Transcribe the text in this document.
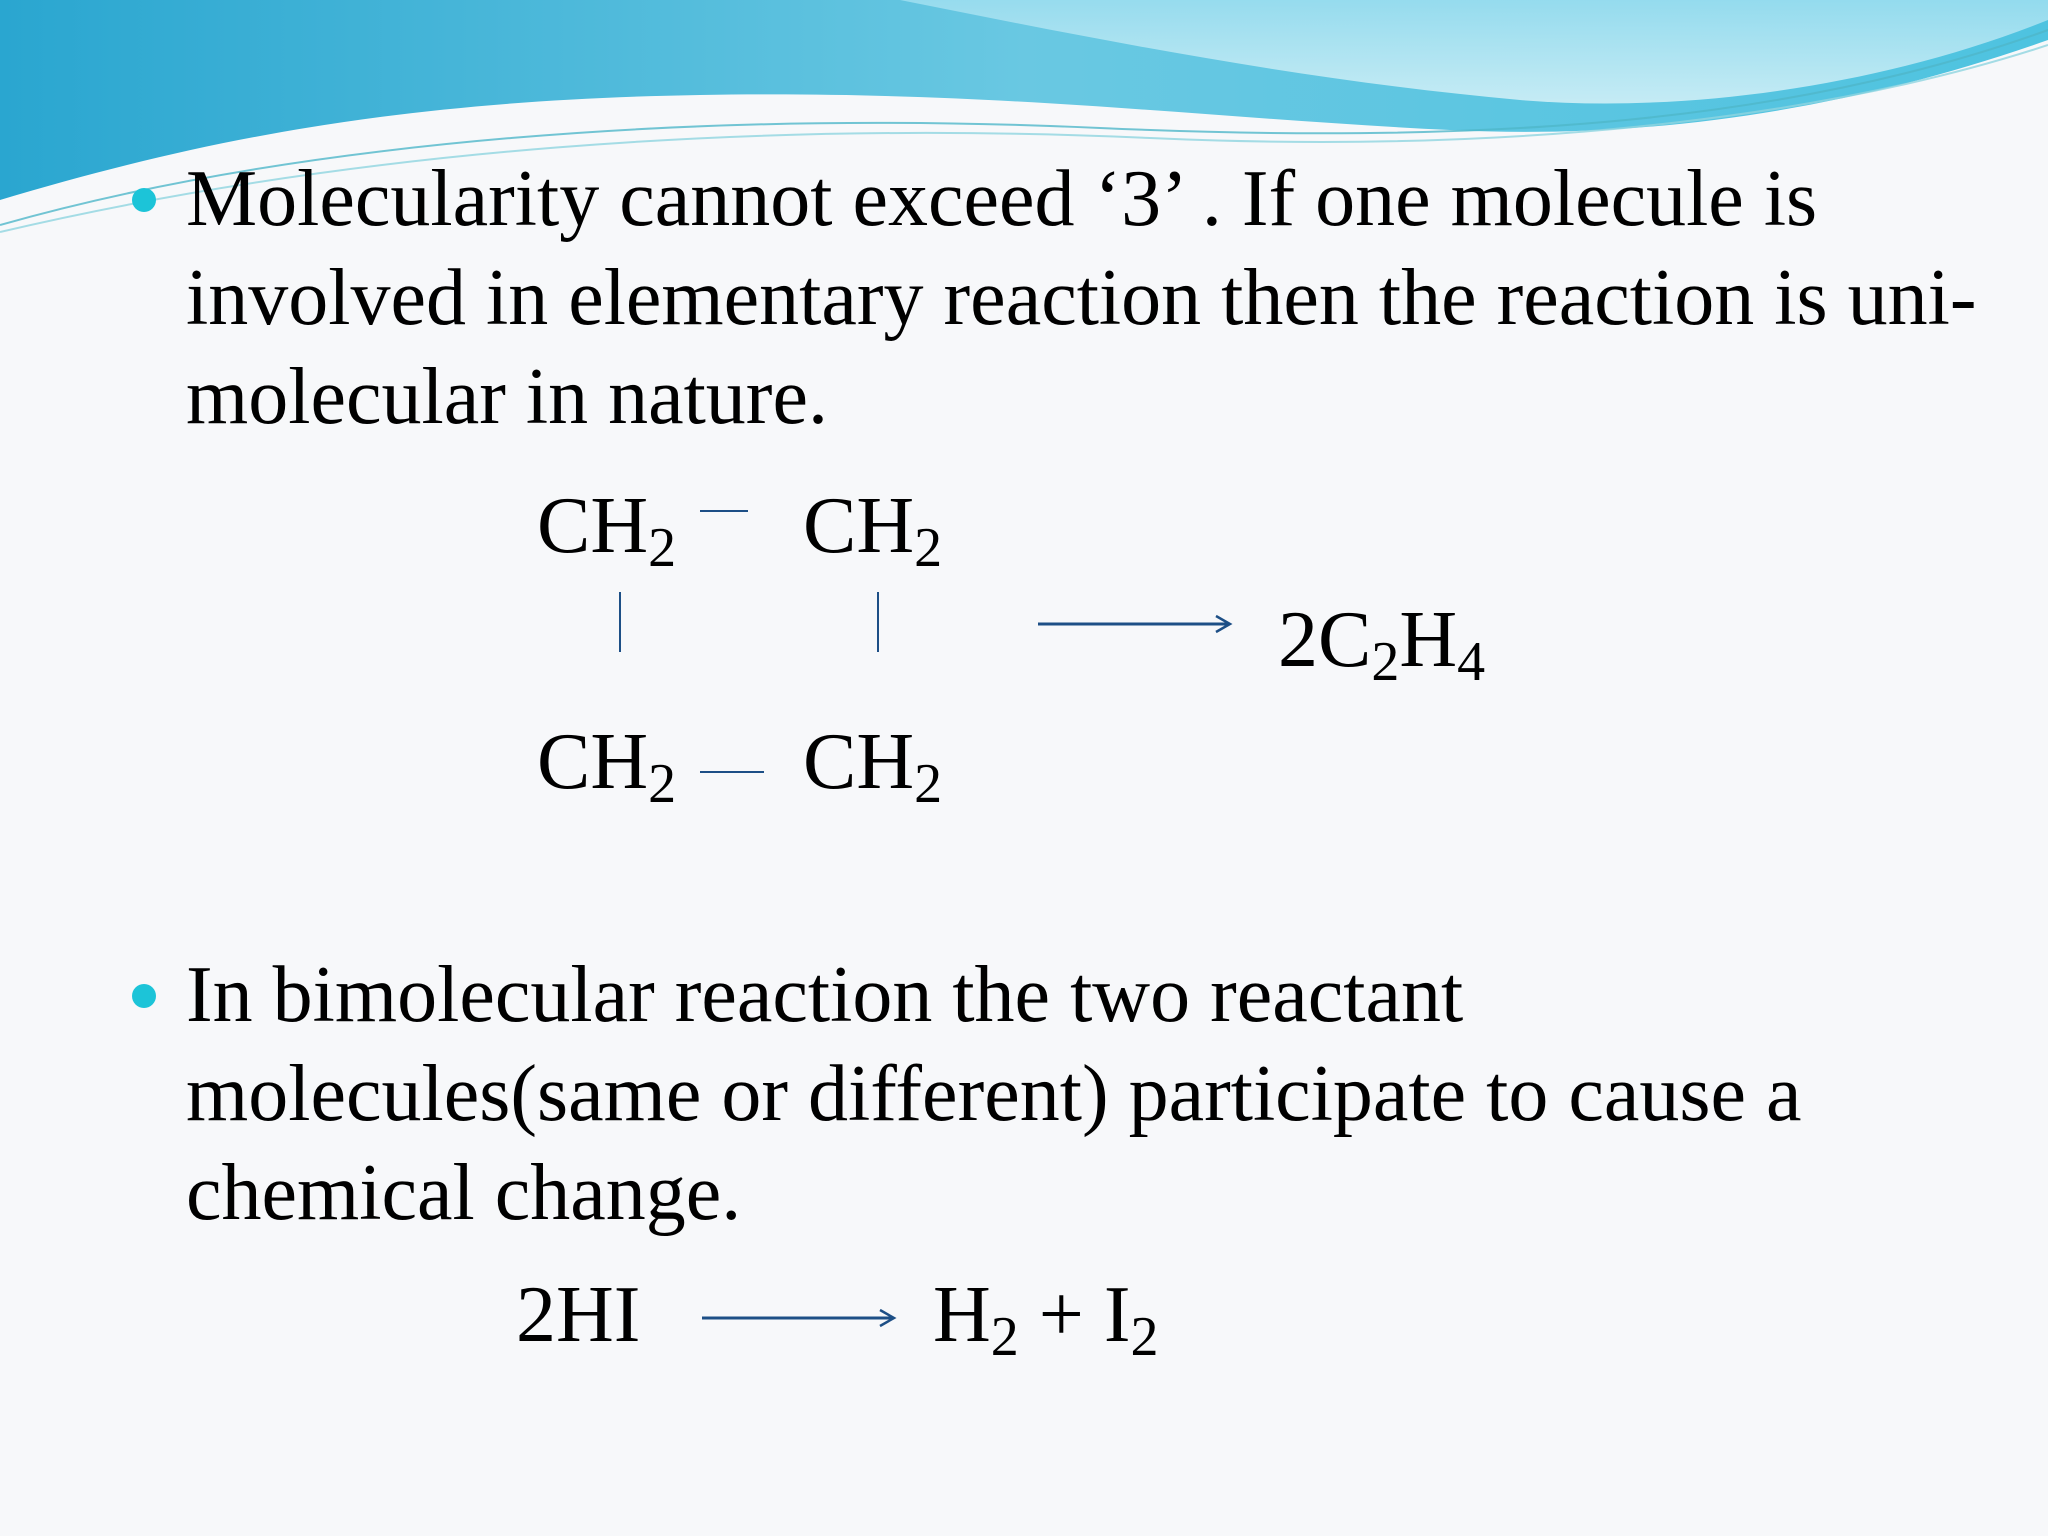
Molecularity cannot exceed ‘3’ . If one molecule is involved in elementary reaction then the reaction is uni-molecular in nature.
$CH_2$ $CH_2$
$CH_2$ $CH_2$
$2C_2H_4$
In bimolecular reaction the two reactant molecules(same or different) participate to cause a chemical change.
2HI	$H_2 + I_2$
